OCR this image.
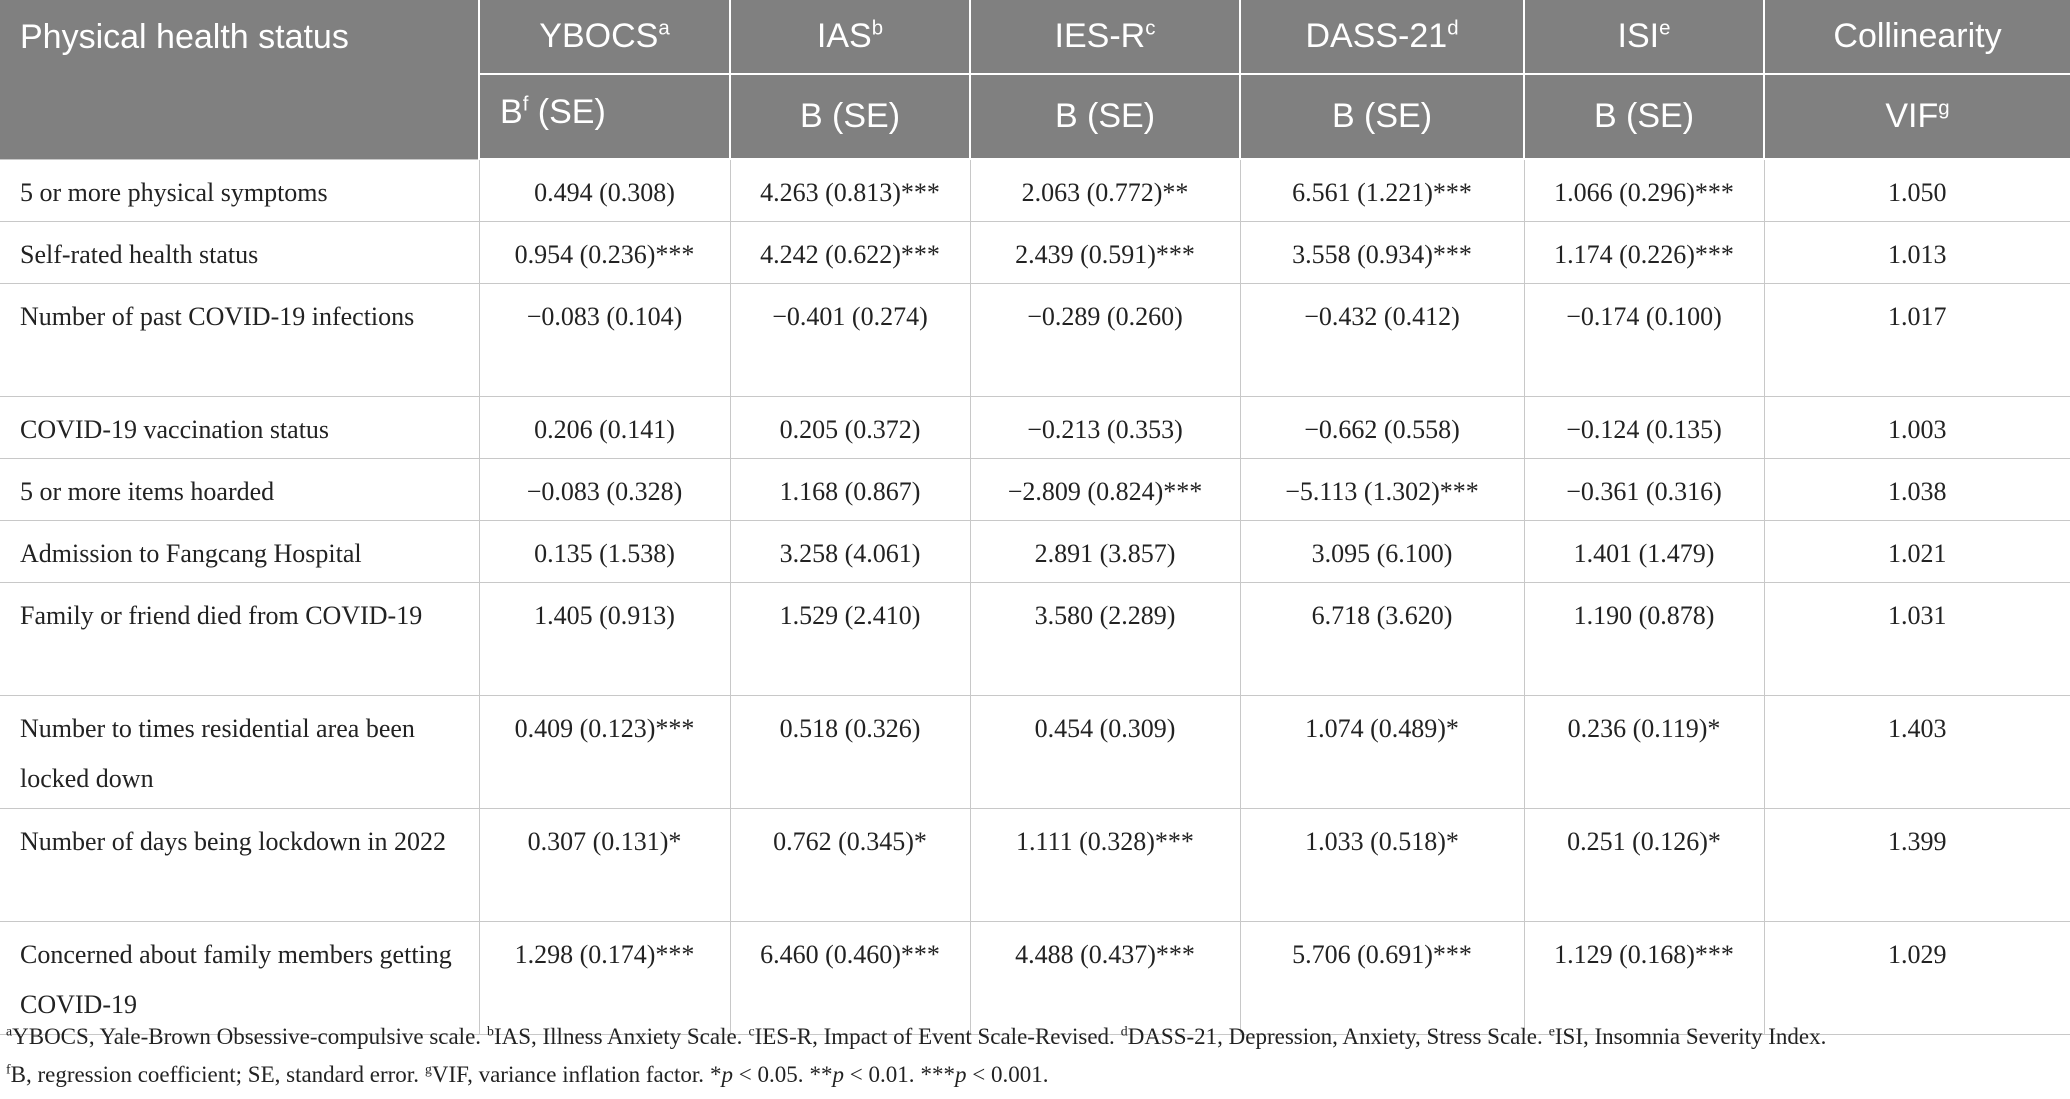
Physical health status	YBOCS$^a$	IAS$^b$	IES-$R^c$	DASS-21$^d$	ISI$^e$	Collinearity
	$B^f$ (SE)	B (SE)	B (SE)	B (SE)	B (SE)	VIF$^g$
5 or more physical symptoms	0.494 (0.308)	4.263 (0.813)***	2.063 (0.772)**	6.561 (1.221)***	1.066 (0.296)***	1.050
Self-rated health status	0.954 (0.236)***	4.242 (0.622)***	2.439 (0.591)***	3.558 (0.934)***	1.174 (0.226)***	1.013
Number of past COVID-19 infections	−0.083 (0.104)	−0.401 (0.274)	−0.289 (0.260)	−0.432 (0.412)	−0.174 (0.100)	1.017
COVID-19 vaccination status	0.206 (0.141)	0.205 (0.372)	−0.213 (0.353)	−0.662 (0.558)	−0.124 (0.135)	1.003
5 or more items hoarded	−0.083 (0.328)	1.168 (0.867)	−2.809 (0.824)***	−5.113 (1.302)***	−0.361 (0.316)	1.038
Admission to Fangcang Hospital	0.135 (1.538)	3.258 (4.061)	2.891 (3.857)	3.095 (6.100)	1.401 (1.479)	1.021
Family or friend died from COVID-19	1.405 (0.913)	1.529 (2.410)	3.580 (2.289)	6.718 (3.620)	1.190 (0.878)	1.031
Number to times residential area been locked down	0.409 (0.123)***	0.518 (0.326)	0.454 (0.309)	1.074 (0.489)*	0.236 (0.119)*	1.403
Number of days being lockdown in 2022	0.307 (0.131)*	0.762 (0.345)*	1.111 (0.328)***	1.033 (0.518)*	0.251 (0.126)*	1.399
Concerned about family members getting COVID-19	1.298 (0.174)***	6.460 (0.460)***	4.488 (0.437)***	5.706 (0.691)***	1.129 (0.168)***	1.029
$^a$YBOCS, Yale-Brown Obsessive-compulsive scale. $^b$IAS, Illness Anxiety Scale. $^c$IES-R, Impact of Event Scale-Revised. $^d$DASS-21, Depression, Anxiety, Stress Scale. $^e$ISI, Insomnia Severity Index.
$^f$B, regression coefficient; SE, standard error. $^g$VIF, variance inflation factor. *p < 0.05. **p < 0.01. ***p < 0.001.
